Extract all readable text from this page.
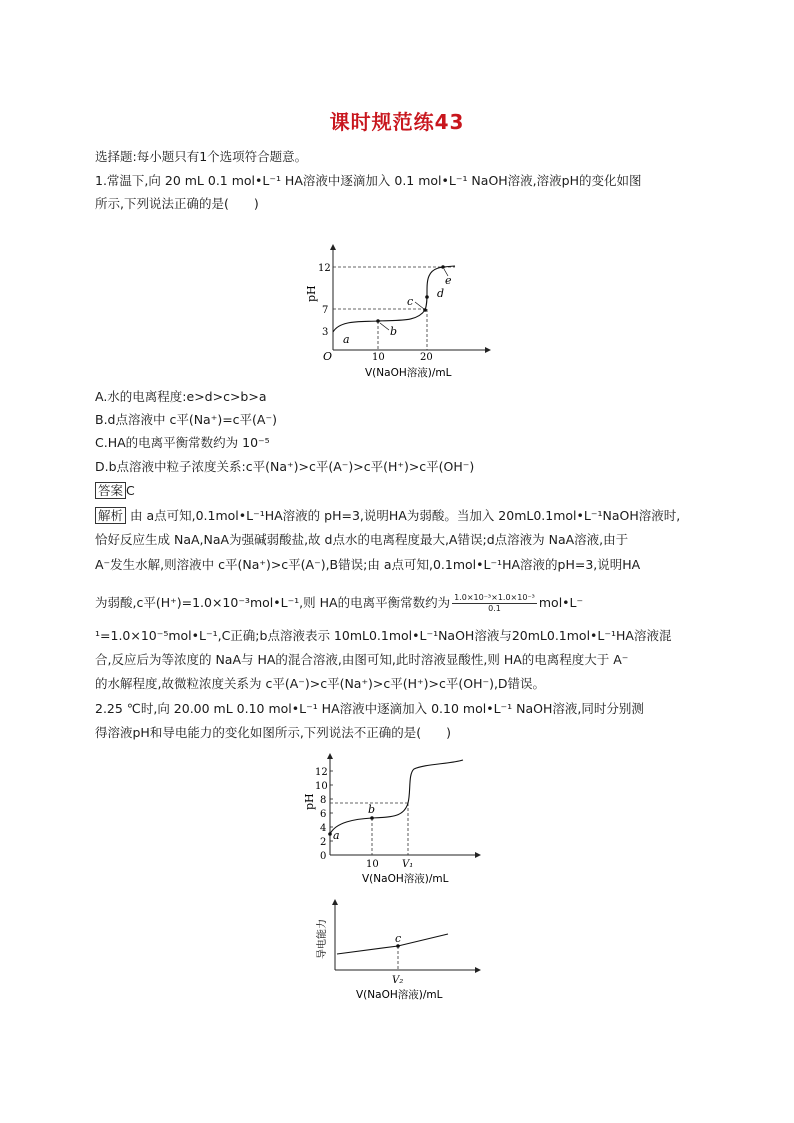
课时规范练43
选择题:每小题只有1个选项符合题意。
1.常温下,向 20 mL 0.1 mol•L⁻¹ HA溶液中逐滴加入 0.1 mol•L⁻¹ NaOH溶液,溶液pH的变化如图
所示,下列说法正确的是(　　)
pH
O
12
7
3
10	20
a
b
c
d
e
V(NaOH溶液)/mL
A.水的电离程度:e>d>c>b>a
B.d点溶液中 c平(Na⁺)=c平(A⁻)
C.HA的电离平衡常数约为 10⁻⁵
D.b点溶液中粒子浓度关系:c平(Na⁺)>c平(A⁻)>c平(H⁺)>c平(OH⁻)
答案 C
解析 由 a点可知,0.1mol•L⁻¹HA溶液的 pH=3,说明HA为弱酸。当加入 20mL0.1mol•L⁻¹NaOH溶液时,
恰好反应生成 NaA,NaA为强碱弱酸盐,故 d点水的电离程度最大,A错误;d点溶液为 NaA溶液,由于
A⁻发生水解,则溶液中 c平(Na⁺)>c平(A⁻),B错误;由 a点可知,0.1mol•L⁻¹HA溶液的pH=3,说明HA
为弱酸,c平(H⁺)=1.0×10⁻³mol•L⁻¹,则 HA的电离平衡常数约为 $\frac{\text{1.0×10⁻³×1.0×10⁻³}}{0.1}$ mol•L⁻
¹=1.0×10⁻⁵mol•L⁻¹,C正确;b点溶液表示 10mL0.1mol•L⁻¹NaOH溶液与20mL0.1mol•L⁻¹HA溶液混
合,反应后为等浓度的 NaA与 HA的混合溶液,由图可知,此时溶液显酸性,则 HA的电离程度大于 A⁻
的水解程度,故微粒浓度关系为 c平(A⁻)>c平(Na⁺)>c平(H⁺)>c平(OH⁻),D错误。
2.25 ℃时,向 20.00 mL 0.10 mol•L⁻¹ HA溶液中逐滴加入 0.10 mol•L⁻¹ NaOH溶液,同时分别测
得溶液pH和导电能力的变化如图所示,下列说法不正确的是(　　)
pH
0
2
4
6
8
10
12
10 V₁
a
b
V(NaOH溶液)/mL
导电能力	c
V₂
V(NaOH溶液)/mL
